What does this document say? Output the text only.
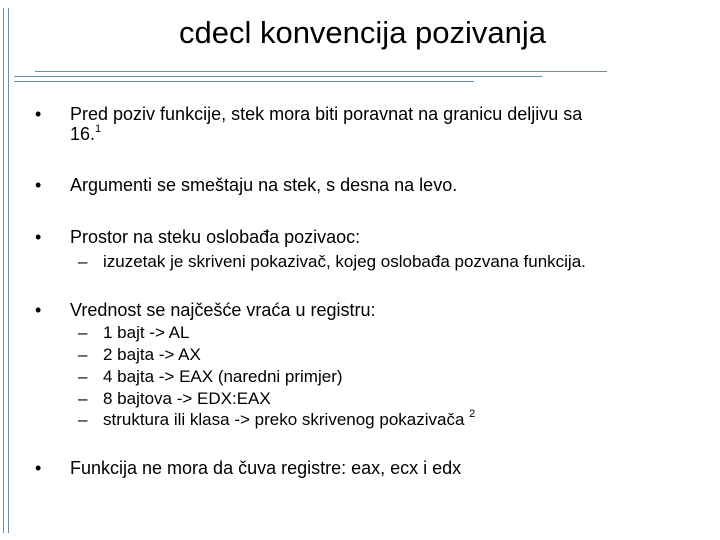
cdecl konvencija pozivanja
•	Pred poziv funkcije, stek mora biti poravnat na granicu deljivu sa
16.$^1$
•	Argumenti se smeštaju na stek, s desna na levo.
•	Prostor na steku oslobađa pozivaoc:
– izuzetak je skriveni pokazivač, kojeg oslobađa pozvana funkcija.
•	Vrednost se najčešće vraća u registru:
– 1 bajt -> AL
– 2 bajta -> AX
– 4 bajta -> EAX (naredni primjer)
– 8 bajtova -> EDX:EAX
– struktura ili klasa -> preko skrivenog pokazivača $^2$
•	Funkcija ne mora da čuva registre: eax, ecx i edx
